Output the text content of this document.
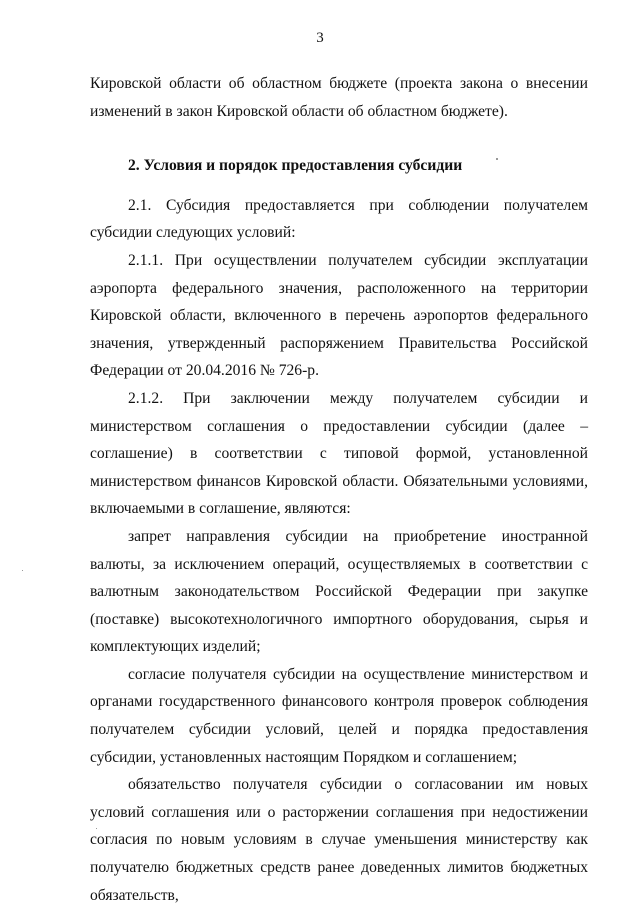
3

Кировской области об областном бюджете (проекта закона о внесении изменений в закон Кировской области об областном бюджете).

2. Условия и порядок предоставления субсидии

2.1. Субсидия предоставляется при соблюдении получателем субсидии следующих условий:

2.1.1. При осуществлении получателем субсидии эксплуатации аэропорта федерального значения, расположенного на территории Кировской области, включенного в перечень аэропортов федерального значения, утвержденный распоряжением Правительства Российской Федерации от 20.04.2016 № 726-р.

2.1.2. При заключении между получателем субсидии и министерством соглашения о предоставлении субсидии (далее – соглашение) в соответствии с типовой формой, установленной министерством финансов Кировской области. Обязательными условиями, включаемыми в соглашение, являются:

запрет направления субсидии на приобретение иностранной валюты, за исключением операций, осуществляемых в соответствии с валютным законодательством Российской Федерации при закупке (поставке) высокотехнологичного импортного оборудования, сырья и комплектующих изделий;

согласие получателя субсидии на осуществление министерством и органами государственного финансового контроля проверок соблюдения получателем субсидии условий, целей и порядка предоставления субсидии, установленных настоящим Порядком и соглашением;

обязательство получателя субсидии о согласовании им новых условий соглашения или о расторжении соглашения при недостижении согласия по новым условиям в случае уменьшения министерству как получателю бюджетных средств ранее доведенных лимитов бюджетных обязательств,
